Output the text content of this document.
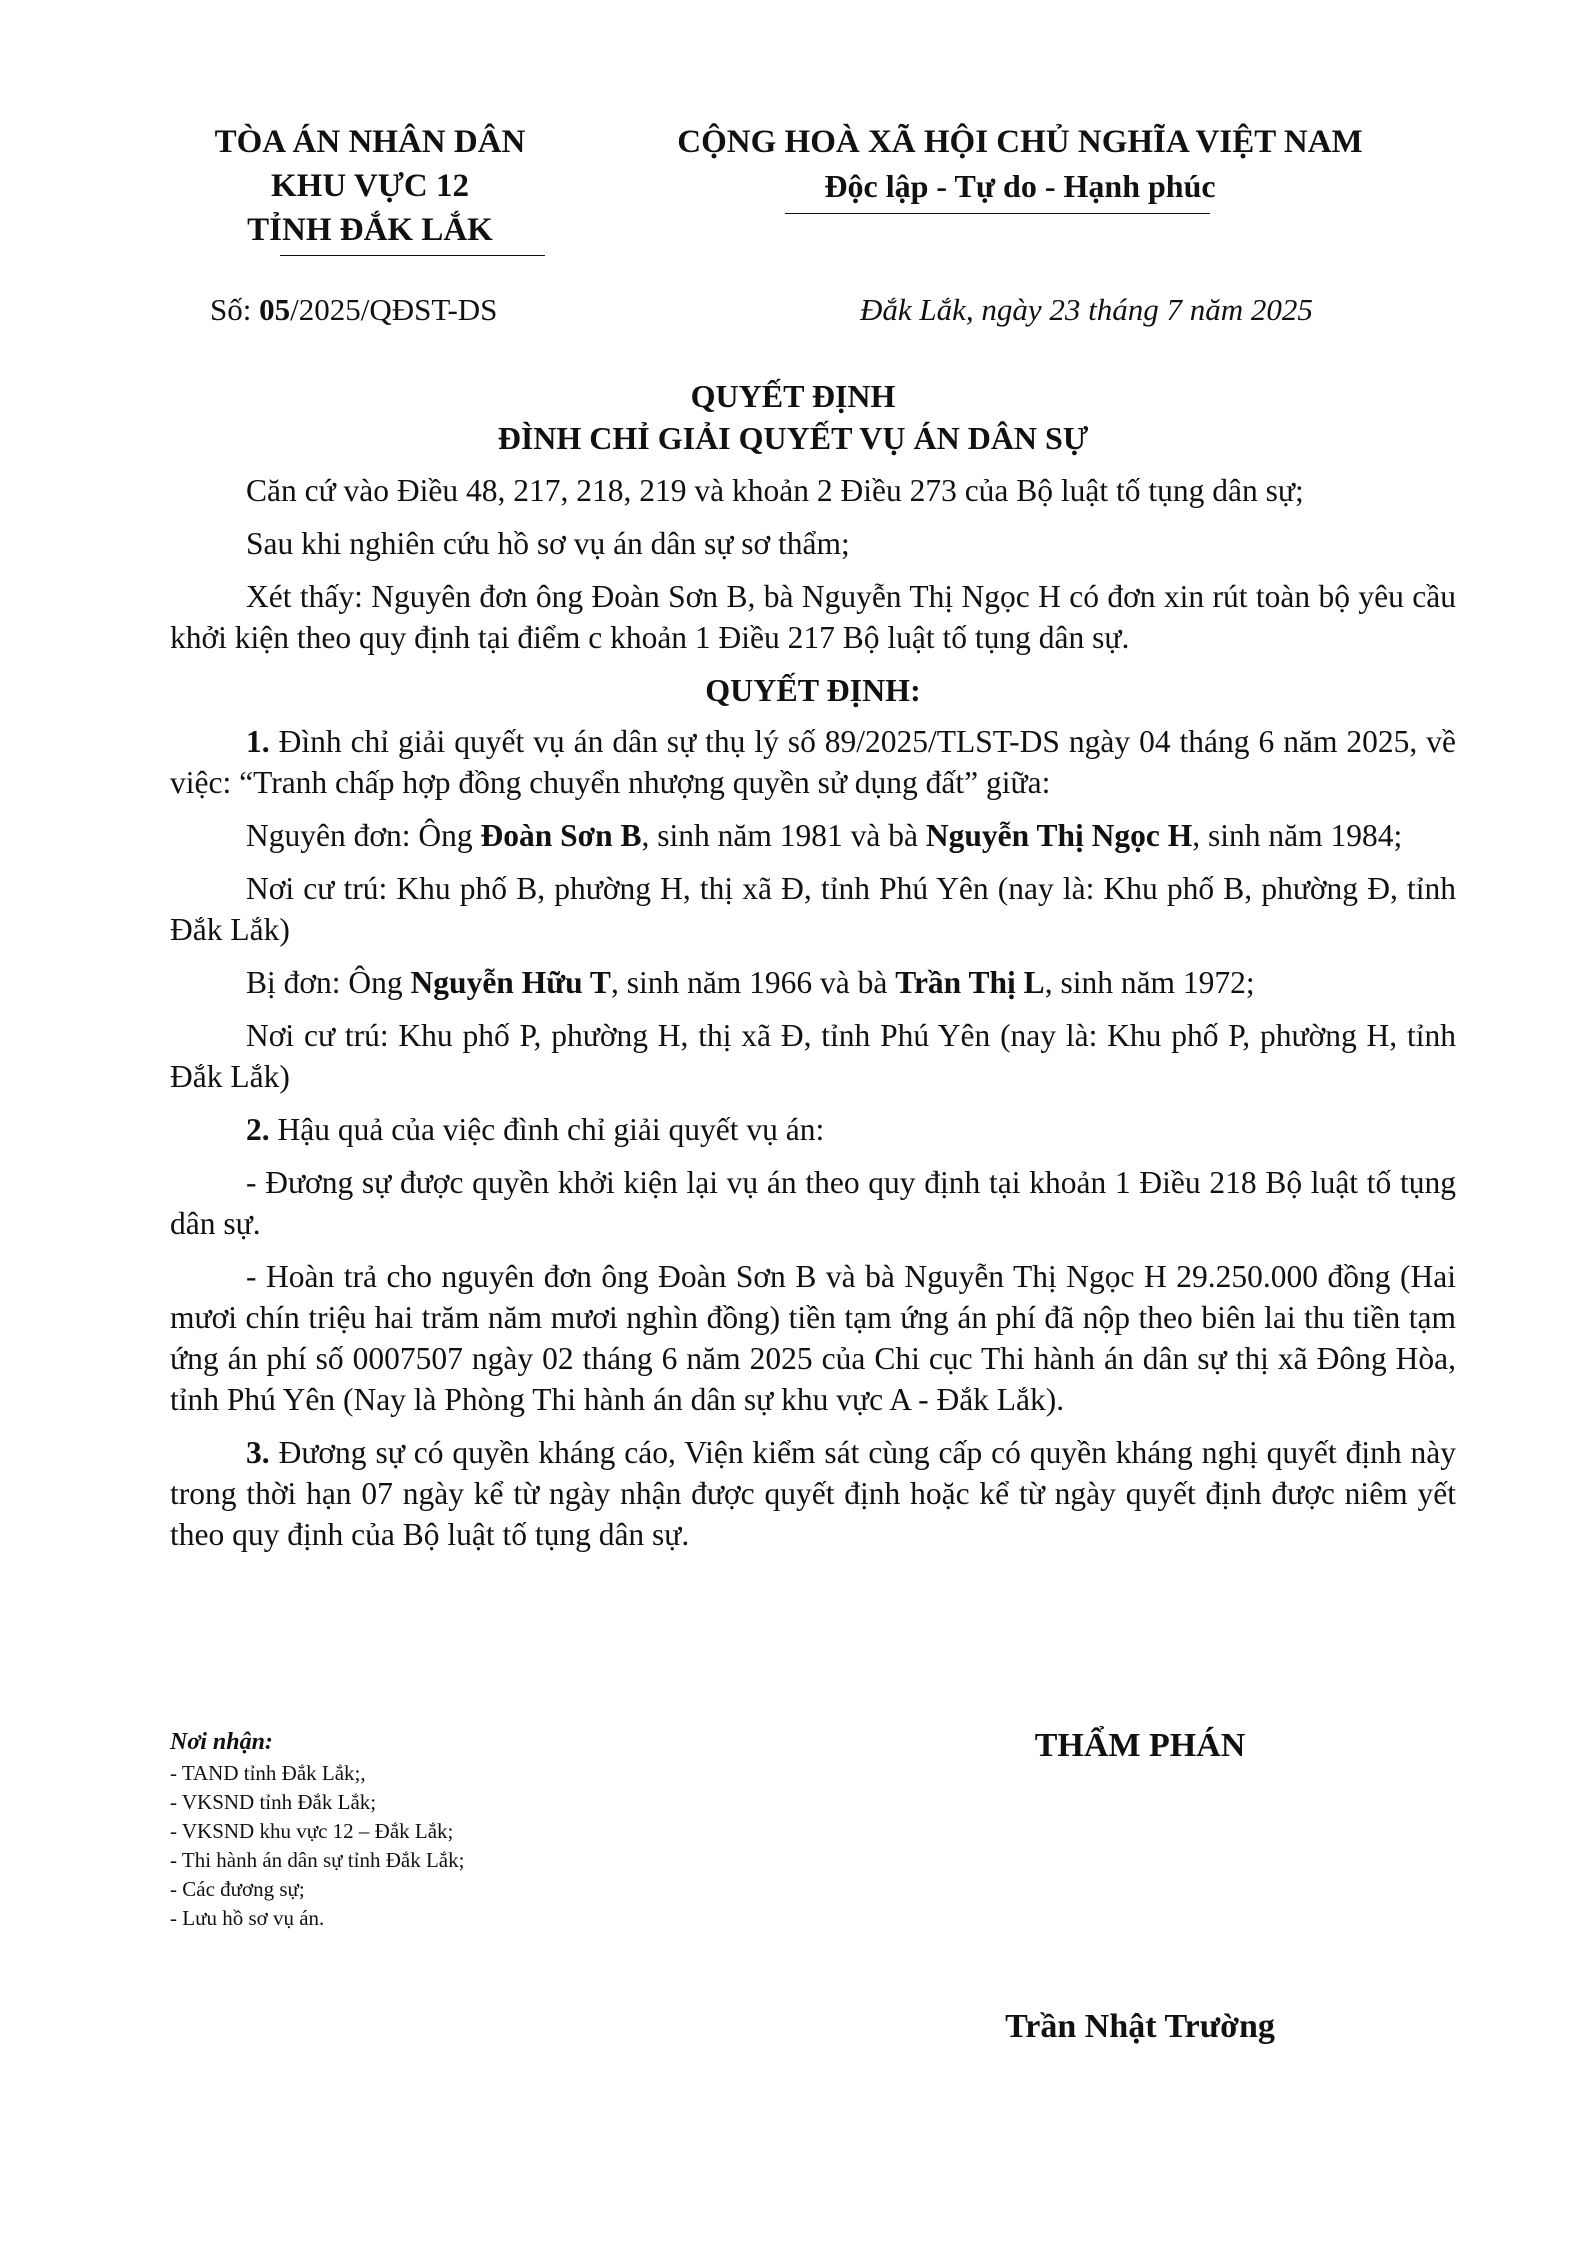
TÒA ÁN NHÂN DÂN
KHU VỰC 12
TỈNH ĐẮK LẮK
CỘNG HOÀ XÃ HỘI CHỦ NGHĨA VIỆT NAM
Độc lập - Tự do - Hạnh phúc
Số: 05/2025/QĐST-DS	Đắk Lắk, ngày 23 tháng 7 năm 2025
QUYẾT ĐỊNH
ĐÌNH CHỈ GIẢI QUYẾT VỤ ÁN DÂN SỰ

Căn cứ vào Điều 48, 217, 218, 219 và khoản 2 Điều 273 của Bộ luật tố tụng dân sự;

Sau khi nghiên cứu hồ sơ vụ án dân sự sơ thẩm;

Xét thấy: Nguyên đơn ông Đoàn Sơn B, bà Nguyễn Thị Ngọc H có đơn xin rút toàn bộ yêu cầu khởi kiện theo quy định tại điểm c khoản 1 Điều 217 Bộ luật tố tụng dân sự.

QUYẾT ĐỊNH:

1. Đình chỉ giải quyết vụ án dân sự thụ lý số 89/2025/TLST-DS ngày 04 tháng 6 năm 2025, về việc: “Tranh chấp hợp đồng chuyển nhượng quyền sử dụng đất” giữa:

Nguyên đơn: Ông Đoàn Sơn B, sinh năm 1981 và bà Nguyễn Thị Ngọc H, sinh năm 1984;

Nơi cư trú: Khu phố B, phường H, thị xã Đ, tỉnh Phú Yên (nay là: Khu phố B, phường Đ, tỉnh Đắk Lắk)

Bị đơn: Ông Nguyễn Hữu T, sinh năm 1966 và bà Trần Thị L, sinh năm 1972;

Nơi cư trú: Khu phố P, phường H, thị xã Đ, tỉnh Phú Yên (nay là: Khu phố P, phường H, tỉnh Đắk Lắk)

2. Hậu quả của việc đình chỉ giải quyết vụ án:

- Đương sự được quyền khởi kiện lại vụ án theo quy định tại khoản 1 Điều 218 Bộ luật tố tụng dân sự.

- Hoàn trả cho nguyên đơn ông Đoàn Sơn B và bà Nguyễn Thị Ngọc H 29.250.000 đồng (Hai mươi chín triệu hai trăm năm mươi nghìn đồng) tiền tạm ứng án phí đã nộp theo biên lai thu tiền tạm ứng án phí số 0007507 ngày 02 tháng 6 năm 2025 của Chi cục Thi hành án dân sự thị xã Đông Hòa, tỉnh Phú Yên (Nay là Phòng Thi hành án dân sự khu vực A - Đắk Lắk).

3. Đương sự có quyền kháng cáo, Viện kiểm sát cùng cấp có quyền kháng nghị quyết định này trong thời hạn 07 ngày kể từ ngày nhận được quyết định hoặc kể từ ngày quyết định được niêm yết theo quy định của Bộ luật tố tụng dân sự.

Nơi nhận:
- TAND tỉnh Đắk Lắk;,
- VKSND tỉnh Đắk Lắk;
- VKSND khu vực 12 – Đắk Lắk;
- Thi hành án dân sự tỉnh Đắk Lắk;
- Các đương sự;
- Lưu hồ sơ vụ án.
THẨM PHÁN
Trần Nhật Trường
